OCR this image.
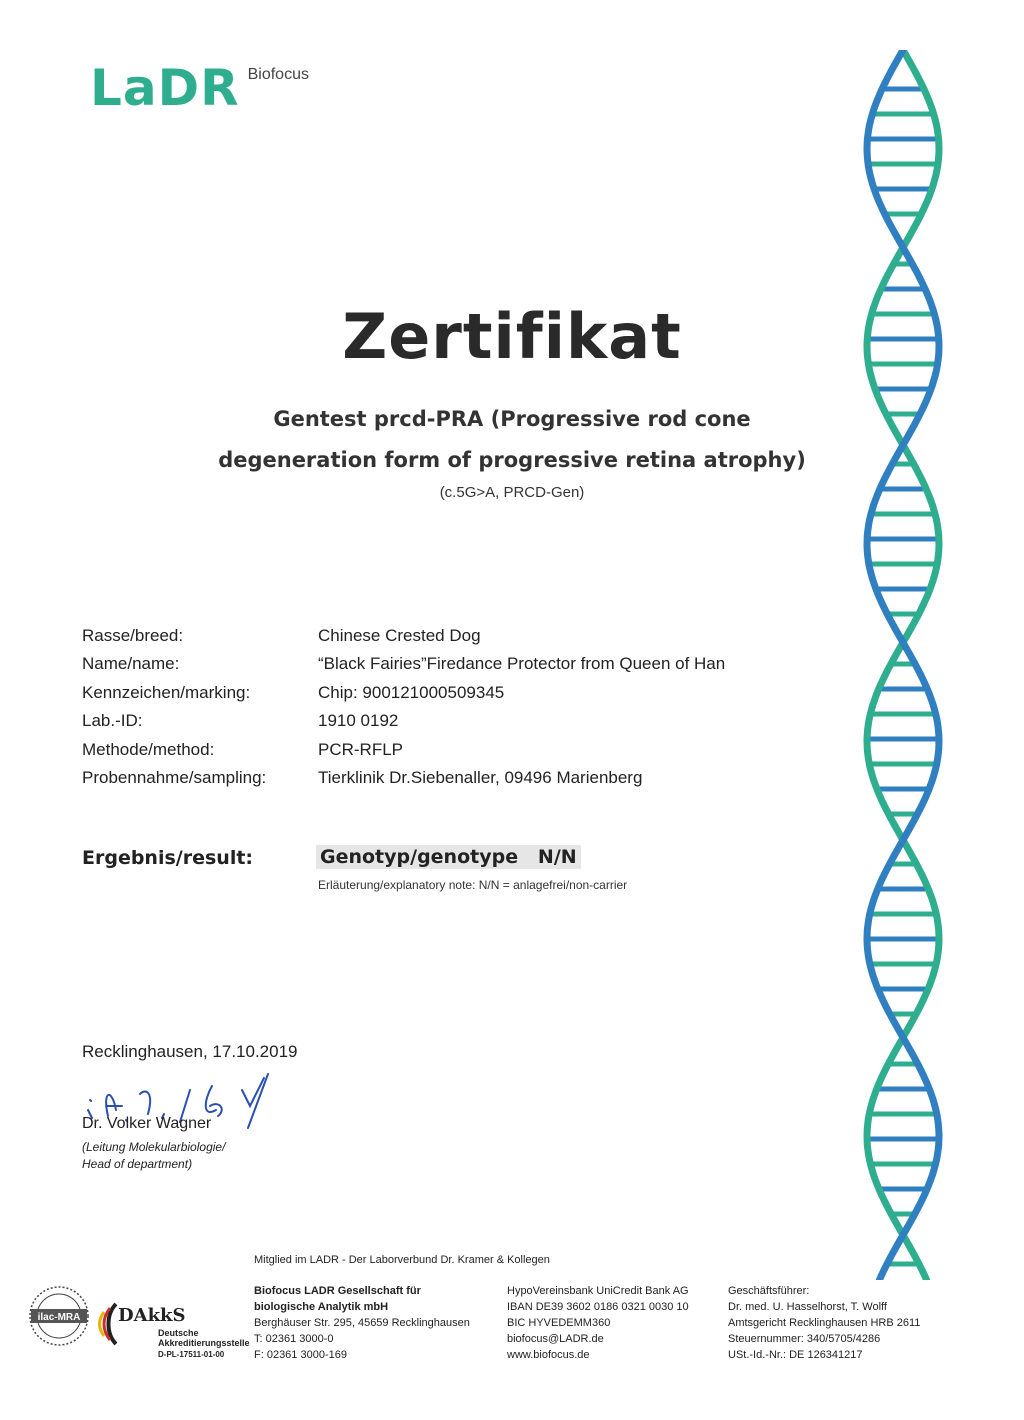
LaDR Biofocus
Zertifikat
Gentest prcd-PRA (Progressive rod cone
degeneration form of progressive retina atrophy)
(c.5G>A, PRCD-Gen)
Rasse/breed:	Chinese Crested Dog
Name/name:	“Black Fairies”Firedance Protector from Queen of Han
Kennzeichen/marking:	Chip: 900121000509345
Lab.-ID:	1910 0192
Methode/method:	PCR-RFLP
Probennahme/sampling:	Tierklinik Dr.Siebenaller, 09496 Marienberg
Ergebnis/result:	Genotyp/genotype   N/N
Erläuterung/explanatory note: N/N = anlagefrei/non-carrier
Recklinghausen, 17.10.2019
Dr. Volker Wagner
(Leitung Molekularbiologie/
Head of department)
Mitglied im LADR - Der Laborverbund Dr. Kramer & Kollegen
ilac-MRA DAkkS
Deutsche
Akkreditierungsstelle
D-PL-17511-01-00
Biofocus LADR Gesellschaft für
biologische Analytik mbH
Berghäuser Str. 295, 45659 Recklinghausen
T: 02361 3000-0
F: 02361 3000-169
HypoVereinsbank UniCredit Bank AG
IBAN DE39 3602 0186 0321 0030 10
BIC HYVEDEMM360
biofocus@LADR.de
www.biofocus.de
Geschäftsführer:
Dr. med. U. Hasselhorst, T. Wolff
Amtsgericht Recklinghausen HRB 2611
Steuernummer: 340/5705/4286
USt.-Id.-Nr.: DE 126341217
